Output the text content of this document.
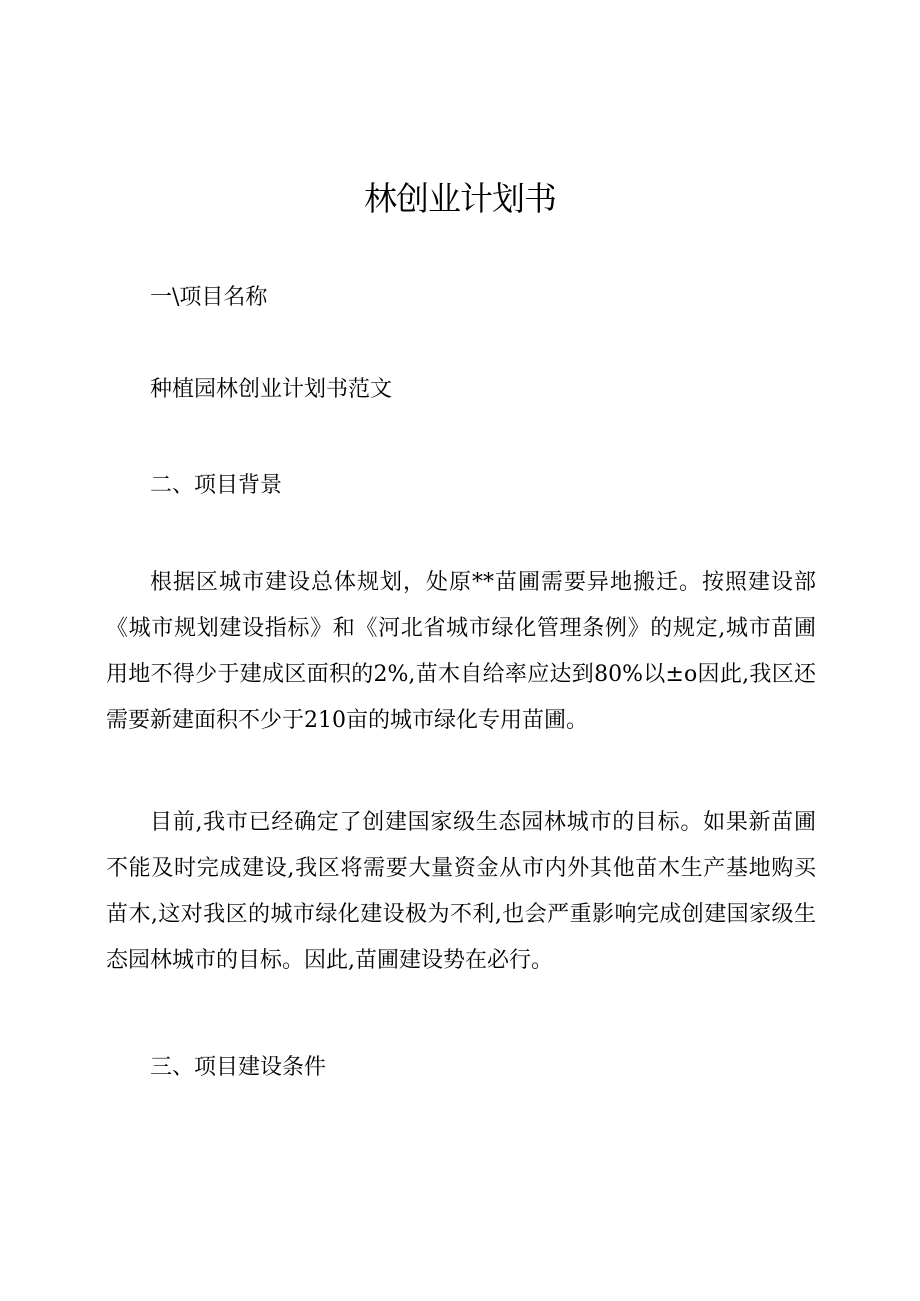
林创业计划书
一\项目名称
种植园林创业计划书范文
二、项目背景

根据区城市建设总体规划，处原**苗圃需要异地搬迁。按照建设部《城市规划建设指标》和《河北省城市绿化管理条例》的规定,城市苗圃用地不得少于建成区面积的2%,苗木自给率应达到80%以±o因此,我区还需要新建面积不少于210亩的城市绿化专用苗圃。

目前,我市已经确定了创建国家级生态园林城市的目标。如果新苗圃不能及时完成建设,我区将需要大量资金从市内外其他苗木生产基地购买苗木,这对我区的城市绿化建设极为不利,也会严重影响完成创建国家级生态园林城市的目标。因此,苗圃建设势在必行。

三、项目建设条件
